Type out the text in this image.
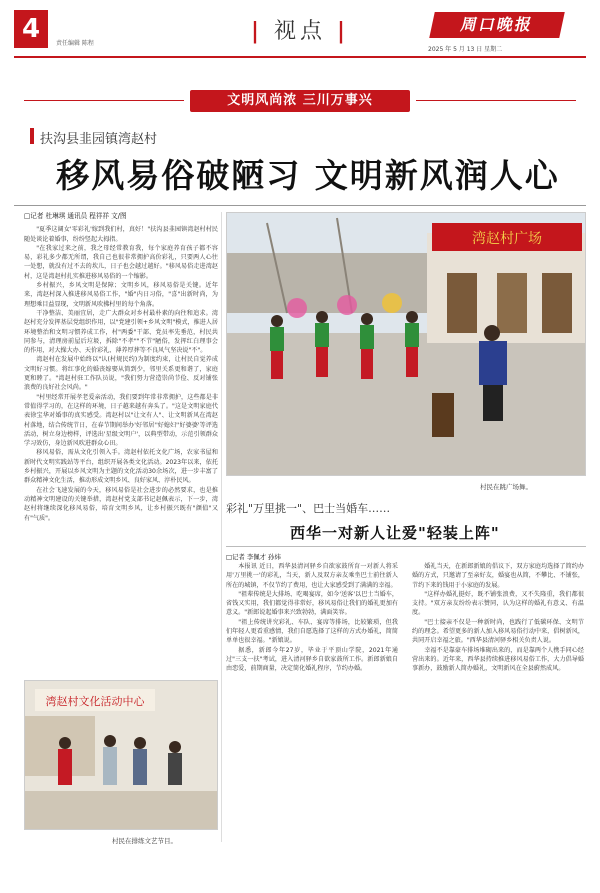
4	责任编辑 陈程	| 视点 |	周口晚报
2025 年 5 月 13 日 星期二
文明风尚浓 三川万事兴
扶沟县韭园镇湾赵村
移风易俗破陋习 文明新风润人心
□记者 杜琳琪 通讯员 程祥祥 文/图

"夏季这阔女'零彩礼'嫁到我们村，真好！"扶沟县韭园镇湾赵村村民随处谈论着婚事，纷纷竖起大拇指。

"在我家过来之前，我之母经常教育我，每个家庭养育孩子都不容易，彩礼多少都无所谓，我自己也很非常拥护高价彩礼，只要两人心往一处想，就没有过不去的坎儿，日子也会越过越好。"移风易俗走进湾赵村，这是湾赵村扎实推进移风易俗的一个缩影。

乡村振兴，乡风文明是保障；文明乡风，移风易俗是关键。近年来，湾赵村深入推进移风易俗工作，"婚"内日习俗，"喜"出新时尚，为理想乘目益显现，文明新风吹拂村里的每个角落。

干净整洁、美丽宜居，走广大群众对乡村最朴素的向往和追求。湾赵村充分发挥基层党组织作用，以"党建引领+乡风文明"模式，推进人居环境整治和文明习惯养成工作，村"两委"干部、党员率先垂范，村民共同参与，清理房前屋后垃圾，拆除"不孝""不节"陋俗，发挥红白理事会的作用，对大操大办、天价彩礼、薄养厚葬等不良风气坚决说"不"。

湾赵村在发展中始终以"认(村规民约)为制度约束，让村民自觉养成文明好习惯。将红事化的婚丧嫁娶从简到少，邻里关系更和谐了，家庭更和睦了。"湾赵村驻工作队员说，"我们努力营造崇尚节俭、反对铺张浪费的良好社会风尚。"

"村里经常开展孝老爱亲活动，我们要到年常非常拥护，这些都是非常值得学习的，在这样的环境，日子越来越有奔头了。"这是文明家庭代表徐宝华对婚事的真实感受。湾赵村以"让文有人"、让文明新风在湾赵村落地，结合传统节日，在春节期间举办'好邻居''好媳妇''好婆婆'等评选活动，树立身边榜样，评选出'星级文明户'，以典型带动，示范引领群众学习效仿，身边新风吹进群众心田。

移风易俗，需从文化引领入手。湾赵村依托文化广场，农家书屋和新时代文明实践站等平台，组织开展各类文化活动。2023年以来，依托乡村振兴，开展以乡风文明为主题的文化活动30余场次，进一步丰富了群众精神文化生活，推动形成文明乡风、良好家风、淳朴民风。

在社会飞速发展的今天，移风易俗是社会进步的必然要求，也是推动精神文明建设的关键举措，湾赵村党支部书记赵佩表示，下一步，湾赵村将继续深化移风易俗，培育文明乡风，让乡村振兴既有"颜值"又有"气质"。

湾赵村广场
村民在跳广场舞。
湾赵村文化活动中心
村民在排练文艺节目。
彩礼"万里挑一"、巴士当婚车……
西华一对新人让爱"轻装上阵"
□记者 李佩才 孙炜

本报讯 近日，西华县清河驿乡自欲家鼓所育一对新人将采用'万里挑一'的彩礼，当天，新人及双方亲友乘坐巴士前往新人所在的城镇，不仅节约了费用，也让大家感受到了满满的幸福。

"祖辈传统是大排场、吃喝宴席，如今'送客'以巴士当婚车，省钱又实用，我们都觉得非常好，移风易俗让我们的婚礼更加有意义。"新郎说起婚事来兴致勃勃，满面笑容。

"祖上传统讲究彩礼、车队、宴席等排场，比较繁琐，但我们年轻人更看重感情，我们自愿选择了这样的方式办婚礼，简简单单也很幸福。"新娘说。

据悉，新郎今年27岁，毕业于平顶山学院，2021年通过"三支一扶"考试，进入清河驿乡自欲家鼓所工作。新郎新娘自由恋爱，前期商量，决定简化婚礼程序，节约办婚。

婚礼当天，在新郎新娘的倡议下，双方家庭均选择了简约办婚的方式，只邀请了至亲好友，婚宴也从简，不攀比、不铺张，节约下来的钱用于小家庭的发展。

"这样办婚礼挺好，既不铺张浪费，又不失隆重，我们都很支持。"双方亲友纷纷表示赞同，认为这样的婚礼有意义、有温度。

"巴士接亲不仅是一种新时尚，也践行了低碳环保、文明节约的理念。希望更多的新人加入移风易俗行动中来，倡树新风，共同开启幸福之旅。"西华县清河驿乡相关负责人说。

幸福不是靠豪车排场堆砌出来的，而是靠两个人携手同心经营出来的。近年来，西华县持续推进移风易俗工作，大力倡导婚事新办，鼓励新人简办婚礼，文明新风在全县蔚然成风。
